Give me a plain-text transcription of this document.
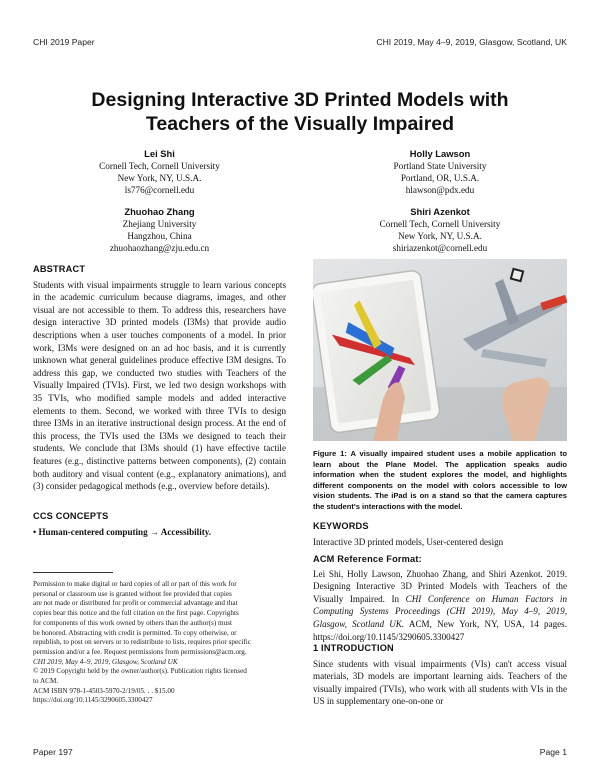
CHI 2019 Paper	CHI 2019, May 4–9, 2019, Glasgow, Scotland, UK
Designing Interactive 3D Printed Models with
Teachers of the Visually Impaired
Lei Shi
Cornell Tech, Cornell University
New York, NY, U.S.A.
ls776@cornell.edu
Holly Lawson
Portland State University
Portland, OR, U.S.A.
hlawson@pdx.edu
Zhuohao Zhang
Zhejiang University
Hangzhou, China
zhuohaozhang@zju.edu.cn
Shiri Azenkot
Cornell Tech, Cornell University
New York, NY, U.S.A.
shiriazenkot@cornell.edu
ABSTRACT
Students with visual impairments struggle to learn various concepts in the academic curriculum because diagrams, images, and other visual are not accessible to them. To address this, researchers have design interactive 3D printed models (I3Ms) that provide audio descriptions when a user touches components of a model. In prior work, I3Ms were designed on an ad hoc basis, and it is currently unknown what general guidelines produce effective I3M designs. To address this gap, we conducted two studies with Teachers of the Visually Impaired (TVIs). First, we led two design workshops with 35 TVIs, who modified sample models and added interactive elements to them. Second, we worked with three TVIs to design three I3Ms in an iterative instructional design process. At the end of this process, the TVIs used the I3Ms we designed to teach their students. We conclude that I3Ms should (1) have effective tactile features (e.g., distinctive patterns between components), (2) contain both auditory and visual content (e.g., explanatory animations), and (3) consider pedagogical methods (e.g., overview before details).
CCS CONCEPTS
• Human-centered computing → Accessibility.
Permission to make digital or hard copies of all or part of this work for
personal or classroom use is granted without fee provided that copies
are not made or distributed for profit or commercial advantage and that
copies bear this notice and the full citation on the first page. Copyrights
for components of this work owned by others than the author(s) must
be honored. Abstracting with credit is permitted. To copy otherwise, or
republish, to post on servers or to redistribute to lists, requires prior specific
permission and/or a fee. Request permissions from permissions@acm.org.
CHI 2019, May 4–9, 2019, Glasgow, Scotland UK
© 2019 Copyright held by the owner/author(s). Publication rights licensed
to ACM.
ACM ISBN 978-1-4503-5970-2/19/05. . . $15.00
https://doi.org/10.1145/3290605.3300427
Figure 1: A visually impaired student uses a mobile application to learn about the Plane Model. The application speaks audio information when the student explores the model, and highlights different components on the model with colors accessible to low vision students. The iPad is on a stand so that the camera captures the student's interactions with the model.
KEYWORDS
Interactive 3D printed models, User-centered design
ACM Reference Format:
Lei Shi, Holly Lawson, Zhuohao Zhang, and Shiri Azenkot. 2019. Designing Interactive 3D Printed Models with Teachers of the Visually Impaired. In CHI Conference on Human Factors in Computing Systems Proceedings (CHI 2019), May 4–9, 2019, Glasgow, Scotland UK. ACM, New York, NY, USA, 14 pages. https://doi.org/10.1145/3290605.3300427
1 INTRODUCTION
Since students with visual impairments (VIs) can't access visual materials, 3D models are important learning aids. Teachers of the visually impaired (TVIs), who work with all students with VIs in the US in supplementary one-on-one or
Paper 197	Page 1
